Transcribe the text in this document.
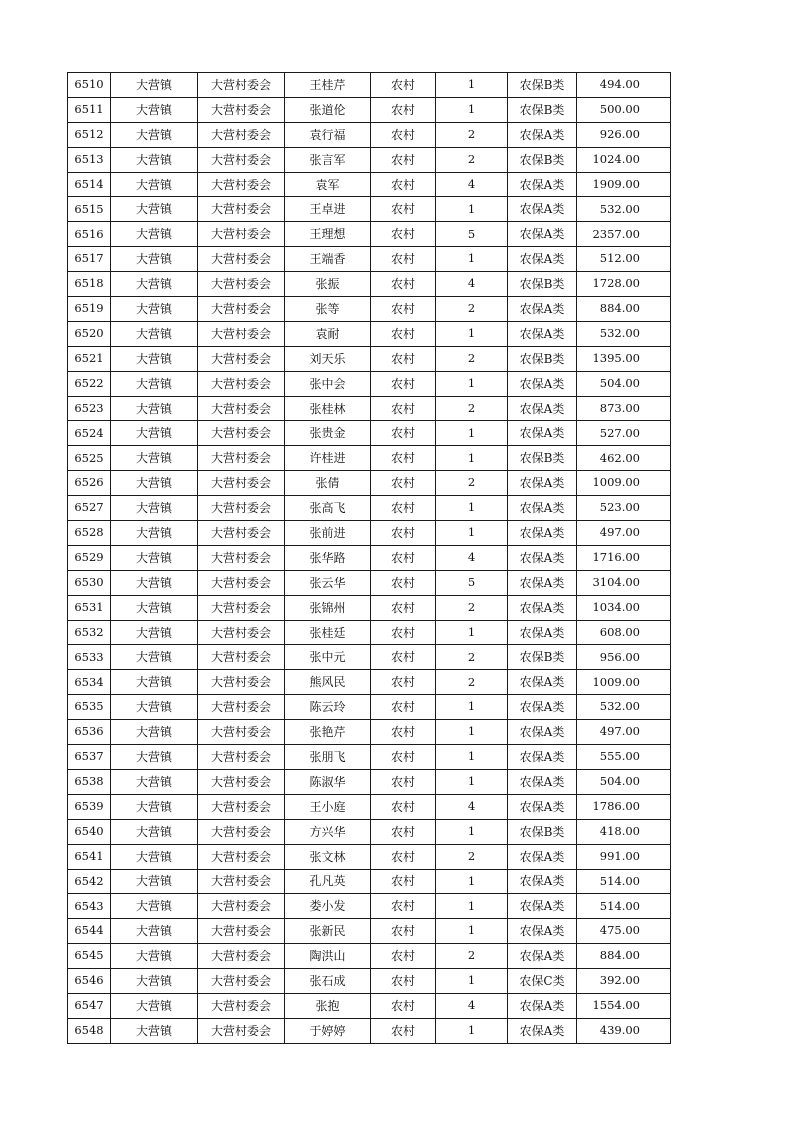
6510	大营镇	大营村委会	王桂芹	农村	1	农保B类	494.00
6511	大营镇	大营村委会	张道伦	农村	1	农保B类	500.00
6512	大营镇	大营村委会	袁行福	农村	2	农保A类	926.00
6513	大营镇	大营村委会	张言军	农村	2	农保B类	1024.00
6514	大营镇	大营村委会	袁军	农村	4	农保A类	1909.00
6515	大营镇	大营村委会	王卓进	农村	1	农保A类	532.00
6516	大营镇	大营村委会	王理想	农村	5	农保A类	2357.00
6517	大营镇	大营村委会	王端香	农村	1	农保A类	512.00
6518	大营镇	大营村委会	张振	农村	4	农保B类	1728.00
6519	大营镇	大营村委会	张等	农村	2	农保A类	884.00
6520	大营镇	大营村委会	袁耐	农村	1	农保A类	532.00
6521	大营镇	大营村委会	刘天乐	农村	2	农保B类	1395.00
6522	大营镇	大营村委会	张中会	农村	1	农保A类	504.00
6523	大营镇	大营村委会	张桂林	农村	2	农保A类	873.00
6524	大营镇	大营村委会	张贵金	农村	1	农保A类	527.00
6525	大营镇	大营村委会	许桂进	农村	1	农保B类	462.00
6526	大营镇	大营村委会	张倩	农村	2	农保A类	1009.00
6527	大营镇	大营村委会	张高飞	农村	1	农保A类	523.00
6528	大营镇	大营村委会	张前进	农村	1	农保A类	497.00
6529	大营镇	大营村委会	张华路	农村	4	农保A类	1716.00
6530	大营镇	大营村委会	张云华	农村	5	农保A类	3104.00
6531	大营镇	大营村委会	张锦州	农村	2	农保A类	1034.00
6532	大营镇	大营村委会	张桂廷	农村	1	农保A类	608.00
6533	大营镇	大营村委会	张中元	农村	2	农保B类	956.00
6534	大营镇	大营村委会	熊风民	农村	2	农保A类	1009.00
6535	大营镇	大营村委会	陈云玲	农村	1	农保A类	532.00
6536	大营镇	大营村委会	张艳芹	农村	1	农保A类	497.00
6537	大营镇	大营村委会	张朋飞	农村	1	农保A类	555.00
6538	大营镇	大营村委会	陈淑华	农村	1	农保A类	504.00
6539	大营镇	大营村委会	王小庭	农村	4	农保A类	1786.00
6540	大营镇	大营村委会	方兴华	农村	1	农保B类	418.00
6541	大营镇	大营村委会	张文林	农村	2	农保A类	991.00
6542	大营镇	大营村委会	孔凡英	农村	1	农保A类	514.00
6543	大营镇	大营村委会	娄小发	农村	1	农保A类	514.00
6544	大营镇	大营村委会	张新民	农村	1	农保A类	475.00
6545	大营镇	大营村委会	陶洪山	农村	2	农保A类	884.00
6546	大营镇	大营村委会	张石成	农村	1	农保C类	392.00
6547	大营镇	大营村委会	张抱	农村	4	农保A类	1554.00
6548	大营镇	大营村委会	于婷婷	农村	1	农保A类	439.00
